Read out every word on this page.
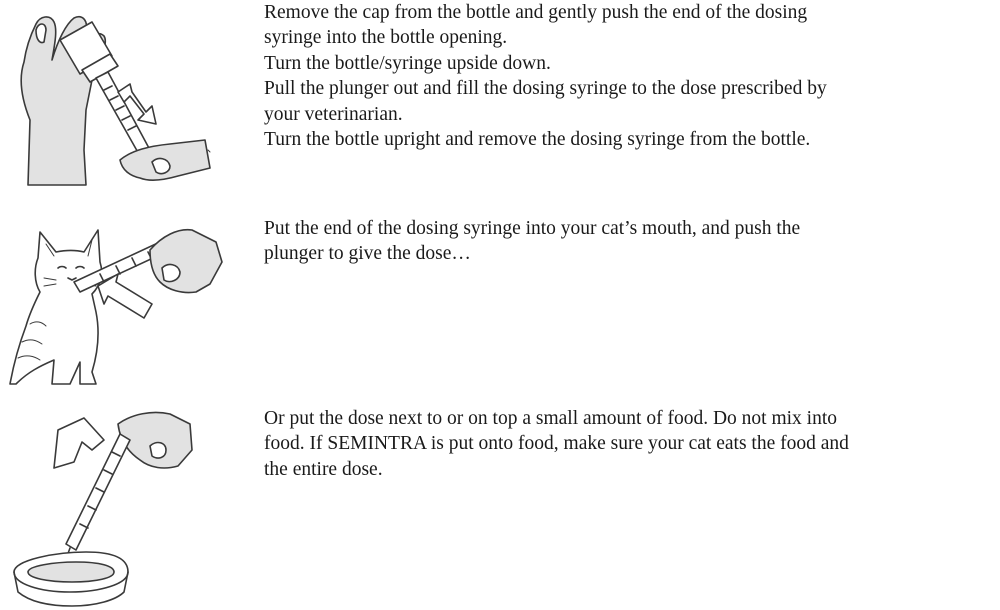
Remove the cap from the bottle and gently push the end of the dosing

syringe into the bottle opening.

Turn the bottle/syringe upside down.

Pull the plunger out and fill the dosing syringe to the dose prescribed by

your veterinarian.

Turn the bottle upright and remove the dosing syringe from the bottle.

Put the end of the dosing syringe into your cat’s mouth, and push the

plunger to give the dose…

Or put the dose next to or on top a small amount of food. Do not mix into

food. If SEMINTRA is put onto food, make sure your cat eats the food and

the entire dose.
